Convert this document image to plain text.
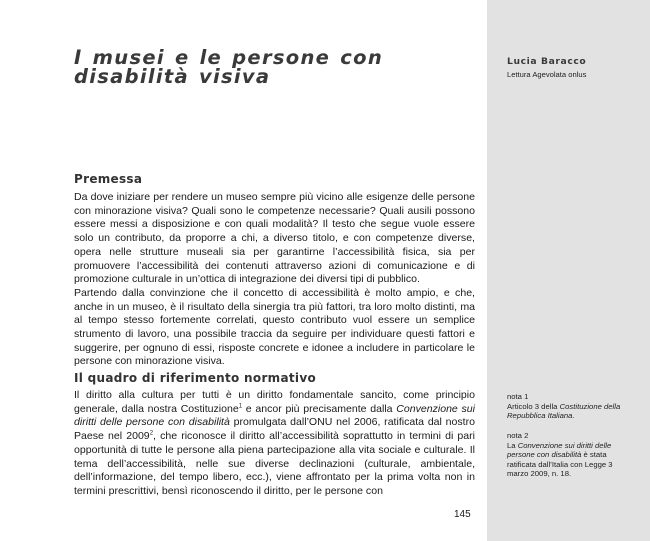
I musei e le persone con disabilità visiva

Lucia Baracco

Lettura Agevolata onlus

Premessa

Da dove iniziare per rendere un museo sempre più vicino alle esigenze delle persone con minorazione visiva? Quali sono le competenze necessarie? Quali ausili possono essere messi a disposizione e con quali modalità? Il testo che segue vuole essere solo un contributo, da proporre a chi, a diverso titolo, e con competenze diverse, opera nelle strutture museali sia per garantirne l’accessibilità fisica, sia per promuovere l’accessibilità dei contenuti attraverso azioni di comunicazione e di promozione culturale in un’ottica di integrazione dei diversi tipi di pubblico.

Partendo dalla convinzione che il concetto di accessibilità è molto ampio, e che, anche in un museo, è il risultato della sinergia tra più fattori, tra loro molto distinti, ma al tempo stesso fortemente correlati, questo contributo vuol essere un semplice strumento di lavoro, una possibile traccia da seguire per individuare questi fattori e suggerire, per ognuno di essi, risposte concrete e idonee a includere in particolare le persone con minorazione visiva.

Il quadro di riferimento normativo

Il diritto alla cultura per tutti è un diritto fondamentale sancito, come principio generale, dalla nostra Costituzione$^1$ e ancor più precisamente dalla Convenzione sui diritti delle persone con disabilità promulgata dall’ONU nel 2006, ratificata dal nostro Paese nel 2009$^2$, che riconosce il diritto all’accessibilità soprattutto in termini di pari opportunità di tutte le persone alla piena partecipazione alla vita sociale e culturale. Il tema dell’accessibilità, nelle sue diverse declinazioni (culturale, ambientale, dell’informazione, del tempo libero, ecc.), viene affrontato per la prima volta non in termini prescrittivi, bensì riconoscendo il diritto, per le persone con

nota 1
Articolo 3 della Costituzione della Repubblica Italiana.
nota 2
La Convenzione sui diritti delle persone con disabilità è stata ratificata dall’Italia con Legge 3 marzo 2009, n. 18.

145
